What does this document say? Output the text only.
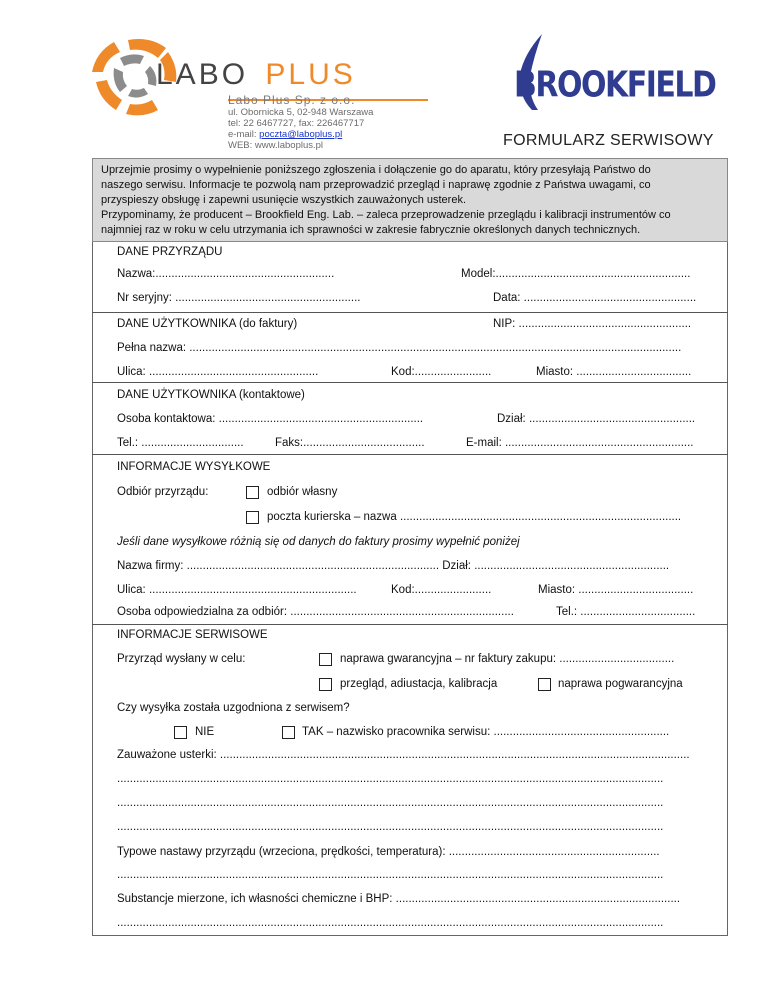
LABO PLUS
Labo Plus Sp. z o.o.
ul. Obornicka 5, 02-948 Warszawa
tel: 22 6467727, fax: 226467717
e-mail: poczta@laboplus.pl
WEB: www.laboplus.pl
BROOKFIELD
FORMULARZ SERWISOWY
Uprzejmie prosimy o wypełnienie poniższego zgłoszenia i dołączenie go do aparatu, który przesyłają Państwo do
naszego serwisu. Informacje te pozwolą nam przeprowadzić przegląd i naprawę zgodnie z Państwa uwagami, co
przyspieszy obsługę i zapewni usunięcie wszystkich zauważonych usterek.
Przypominamy, że producent – Brookfield Eng. Lab. – zaleca przeprowadzenie przeglądu i kalibracji instrumentów co
najmniej raz w roku w celu utrzymania ich sprawności w zakresie fabrycznie określonych danych technicznych.
DANE PRZYRZĄDU
Nazwa:........................................................	Model:.............................................................
Nr seryjny: ..........................................................	Data: ......................................................
DANE UŻYTKOWNIKA (do faktury)	NIP: ......................................................
Pełna nazwa: ..........................................................................................................................................................
Ulica: .....................................................	Kod:........................	Miasto: ....................................
DANE UŻYTKOWNIKA (kontaktowe)
Osoba kontaktowa: ................................................................	Dział: ....................................................
Tel.: ................................	Faks:......................................	E-mail: ...........................................................
INFORMACJE WYSYŁKOWE
Odbiór przyrządu:	odbiór własny
poczta kurierska – nazwa ........................................................................................
Jeśli dane wysyłkowe różnią się od danych do faktury prosimy wypełnić poniżej
Nazwa firmy: ............................................................................... Dział: .............................................................
Ulica: .................................................................	Kod:........................	Miasto: ....................................
Osoba odpowiedzialna za odbiór: ......................................................................	Tel.: ....................................
INFORMACJE SERWISOWE
Przyrząd wysłany w celu:	naprawa gwarancyjna – nr faktury zakupu: ....................................
przegląd, adiustacja, kalibracja	naprawa pogwarancyjna
Czy wysyłka została uzgodniona z serwisem?
NIE	TAK – nazwisko pracownika serwisu: .......................................................
Zauważone usterki: ...................................................................................................................................................
...........................................................................................................................................................................
...........................................................................................................................................................................
...........................................................................................................................................................................
Typowe nastawy przyrządu (wrzeciona, prędkości, temperatura): ..................................................................
...........................................................................................................................................................................
Substancje mierzone, ich własności chemiczne i BHP: .........................................................................................
...........................................................................................................................................................................
